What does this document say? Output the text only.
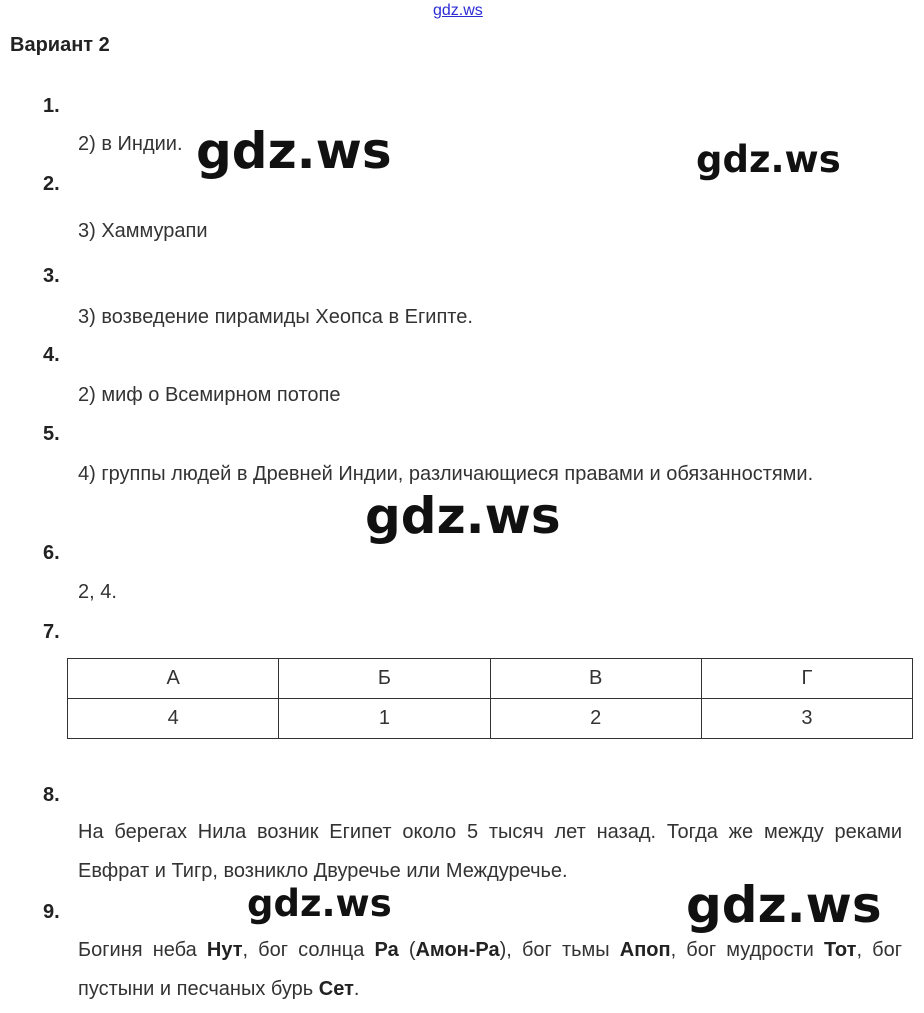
gdz.ws
Вариант 2
1.
2) в Индии.
2.
3) Хаммурапи
3.
3) возведение пирамиды Хеопса в Египте.
4.
2) миф о Всемирном потопе
5.
4) группы людей в Древней Индии, различающиеся правами и обязанностями.
6.
2, 4.
7.
А	Б	В	Г
4	1	2	3
8.
На берегах Нила возник Египет около 5 тысяч лет назад. Тогда же между реками Евфрат и Тигр, возникло Двуречье или Междуречье.
9.
Богиня неба Нут, бог солнца Ра (Амон-Ра), бог тьмы Апоп, бог мудрости Тот, бог пустыни и песчаных бурь Сет.
gdz.ws	gdz.ws
gdz.ws
gdz.ws	gdz.ws
